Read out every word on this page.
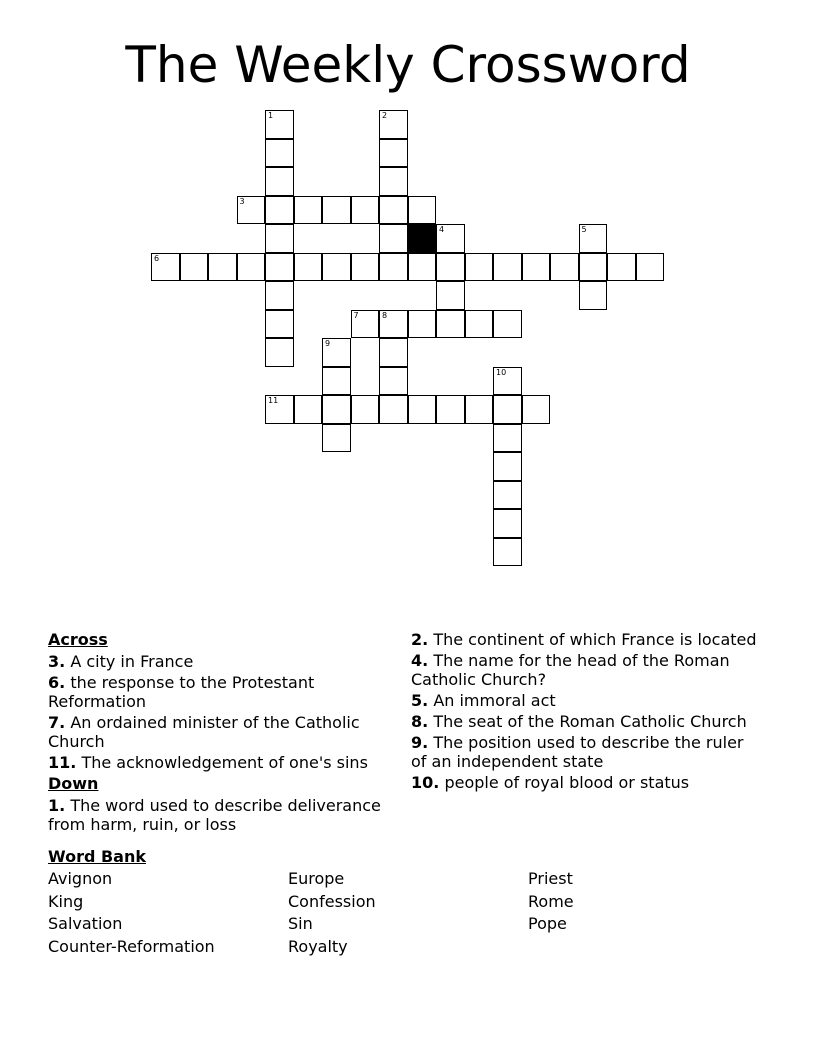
The Weekly Crossword
1	2
3
4	5
6
7	8
9
10
11
Across
3. A city in France
6. the response to the Protestant Reformation
7. An ordained minister of the Catholic Church
11. The acknowledgement of one's sins
Down
1. The word used to describe deliverance from harm, ruin, or loss
2. The continent of which France is located
4. The name for the head of the Roman Catholic Church?
5. An immoral act
8. The seat of the Roman Catholic Church
9. The position used to describe the ruler of an independent state
10. people of royal blood or status
Word Bank
Avignon
King
Salvation
Counter-Reformation
Europe
Confession
Sin
Royalty
Priest
Rome
Pope
